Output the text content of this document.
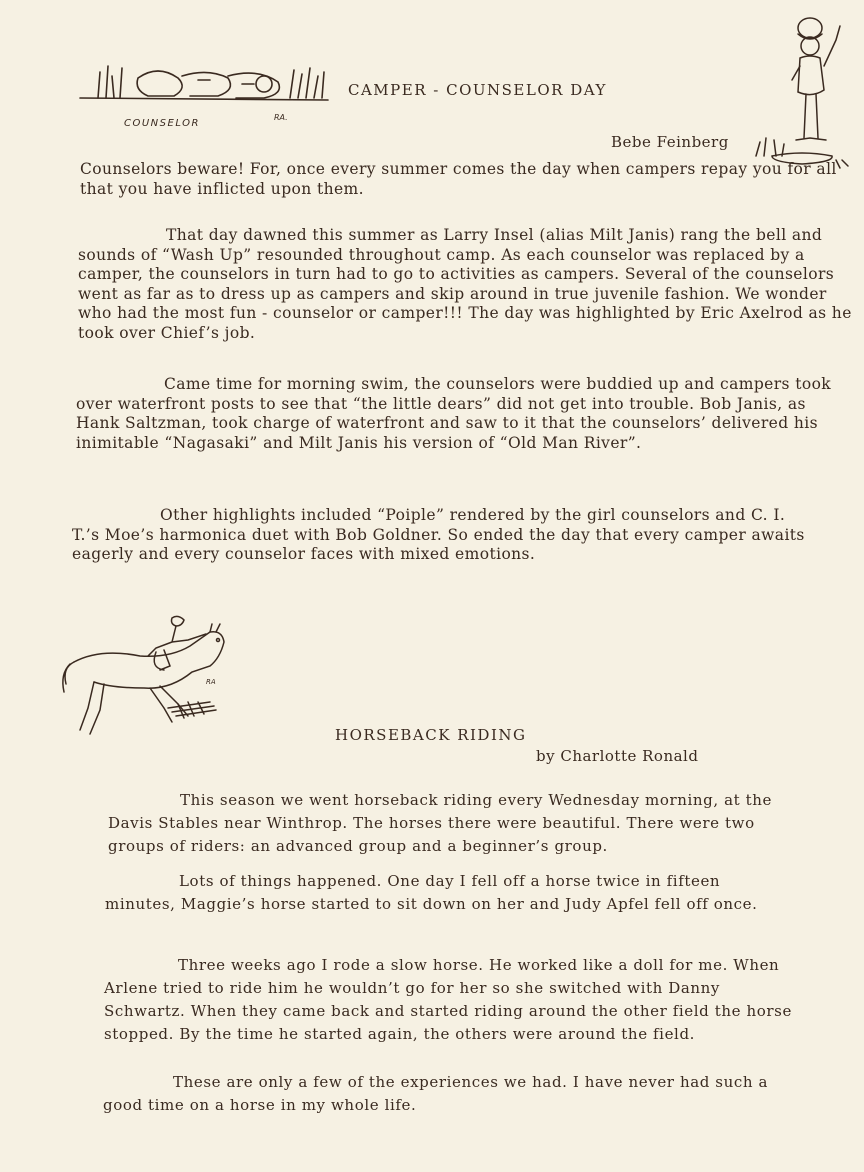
COUNSELOR
RA.
CAMPER - COUNSELOR DAY
Bebe Feinberg

Counselors beware! For, once every summer comes the day when campers repay you for all that you have inflicted upon them.

That day dawned this summer as Larry Insel (alias Milt Janis) rang the bell and sounds of “Wash Up” resounded throughout camp. As each counselor was replaced by a camper, the counselors in turn had to go to activities as campers. Several of the counselors went as far as to dress up as campers and skip around in true juvenile fashion. We wonder who had the most fun - counselor or camper!!! The day was highlighted by Eric Axelrod as he took over Chief’s job.

Came time for morning swim, the counselors were buddied up and campers took over waterfront posts to see that “the little dears” did not get into trouble. Bob Janis, as Hank Saltzman, took charge of waterfront and saw to it that the counselors’ delivered his inimitable “Nagasaki” and Milt Janis his version of “Old Man River”.

Other highlights included “Poiple” rendered by the girl counselors and C. I. T.’s Moe’s harmonica duet with Bob Goldner. So ended the day that every camper awaits eagerly and every counselor faces with mixed emotions.

RA
HORSEBACK RIDING
by Charlotte Ronald

This season we went horseback riding every Wednesday morning, at the Davis Stables near Winthrop. The horses there were beautiful. There were two groups of riders: an advanced group and a beginner’s group.

Lots of things happened. One day I fell off a horse twice in fifteen minutes, Maggie’s horse started to sit down on her and Judy Apfel fell off once.

Three weeks ago I rode a slow horse. He worked like a doll for me. When Arlene tried to ride him he wouldn’t go for her so she switched with Danny Schwartz. When they came back and started riding around the other field the horse stopped. By the time he started again, the others were around the field.

These are only a few of the experiences we had. I have never had such a good time on a horse in my whole life.
